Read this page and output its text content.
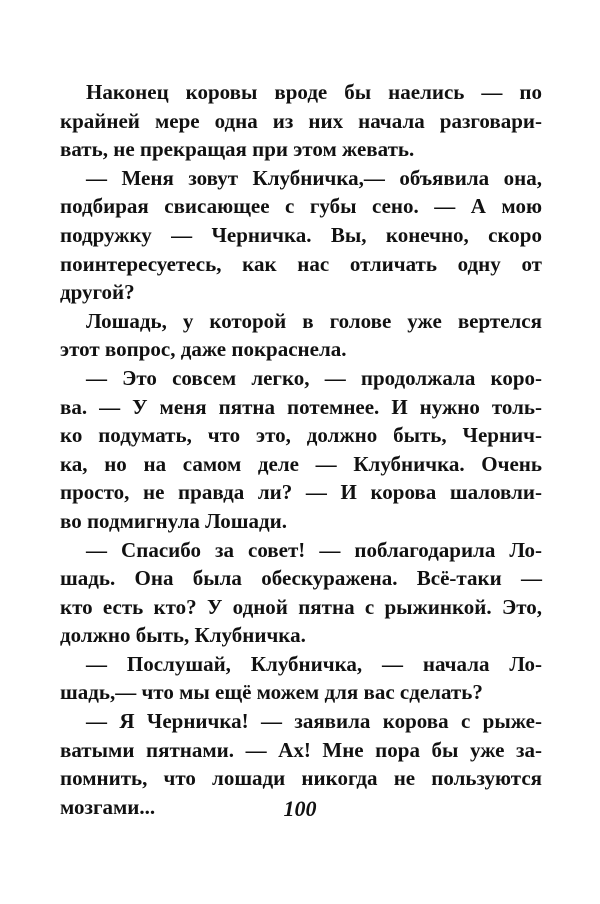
Наконец коровы вроде бы наелись — по
крайней мере одна из них начала разговари-
вать, не прекращая при этом жевать.
— Меня зовут Клубничка,— объявила она,
подбирая свисающее с губы сено. — А мою
подружку — Черничка. Вы, конечно, скоро
поинтересуетесь, как нас отличать одну от
другой?
Лошадь, у которой в голове уже вертелся
этот вопрос, даже покраснела.
— Это совсем легко, — продолжала коро-
ва. — У меня пятна потемнее. И нужно толь-
ко подумать, что это, должно быть, Чернич-
ка, но на самом деле — Клубничка. Очень
просто, не правда ли? — И корова шаловли-
во подмигнула Лошади.
— Спасибо за совет! — поблагодарила Ло-
шадь. Она была обескуражена. Всё-таки —
кто есть кто? У одной пятна с рыжинкой. Это,
должно быть, Клубничка.
— Послушай, Клубничка, — начала Ло-
шадь,— что мы ещё можем для вас сделать?
— Я Черничка! — заявила корова с рыже-
ватыми пятнами. — Ах! Мне пора бы уже за-
помнить, что лошади никогда не пользуются
мозгами...	100
